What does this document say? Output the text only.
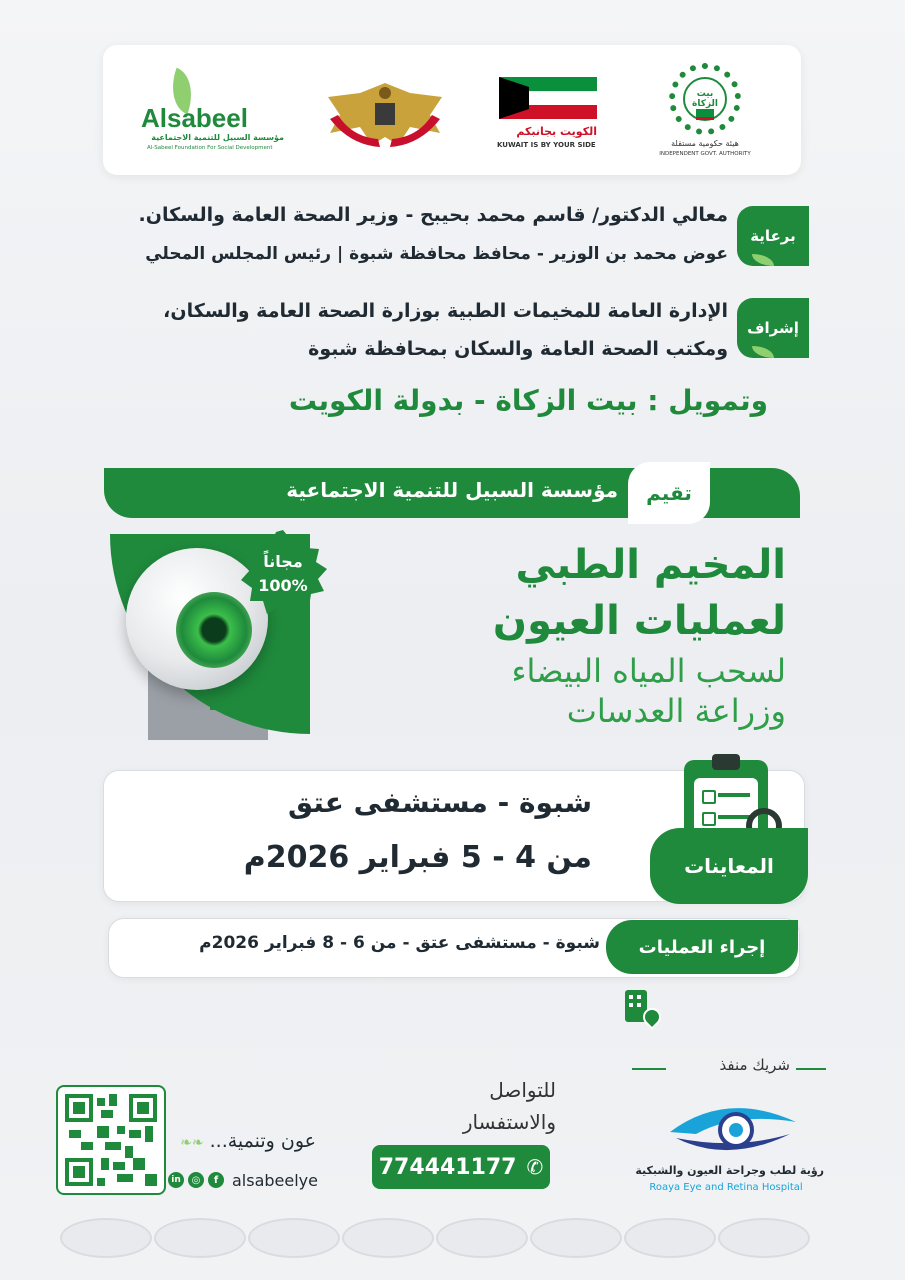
Alsabeel
مؤسسة السبيل للتنمية الاجتماعية
Al-Sabeel Foundation For Social Development
الكويت بجانبكم
KUWAIT IS BY YOUR SIDE
بيت الزكاة
هيئة حكومية مستقلة
INDEPENDENT GOVT. AUTHORITY
برعاية
معالي الدكتور/ قاسم محمد بحيبح - وزير الصحة العامة والسكان.
عوض محمد بن الوزير - محافظ محافظة شبوة | رئيس المجلس المحلي
إشراف
الإدارة العامة للمخيمات الطبية بوزارة الصحة العامة والسكان،
ومكتب الصحة العامة والسكان بمحافظة شبوة
وتمويل : بيت الزكاة - بدولة الكويت
مؤسسة السبيل للتنمية الاجتماعية تقيم
مجاناً
100%	المخيم الطبي
لعمليات العيون
لسحب المياه البيضاء
وزراعة العدسات
المعاينات
شبوة - مستشفى عتق
من 4 - 5 فبراير 2026م
إجراء العمليات
شبوة - مستشفى عتق - من 6 - 8 فبراير 2026م
شريك منفذ
رؤية لطب وجراحة العيون والشبكية
Roaya Eye and Retina Hospital
للتواصل
والاستفسار
774441177 ✆
عون وتنمية... ❧❧
in	◎	f alsabeelye
